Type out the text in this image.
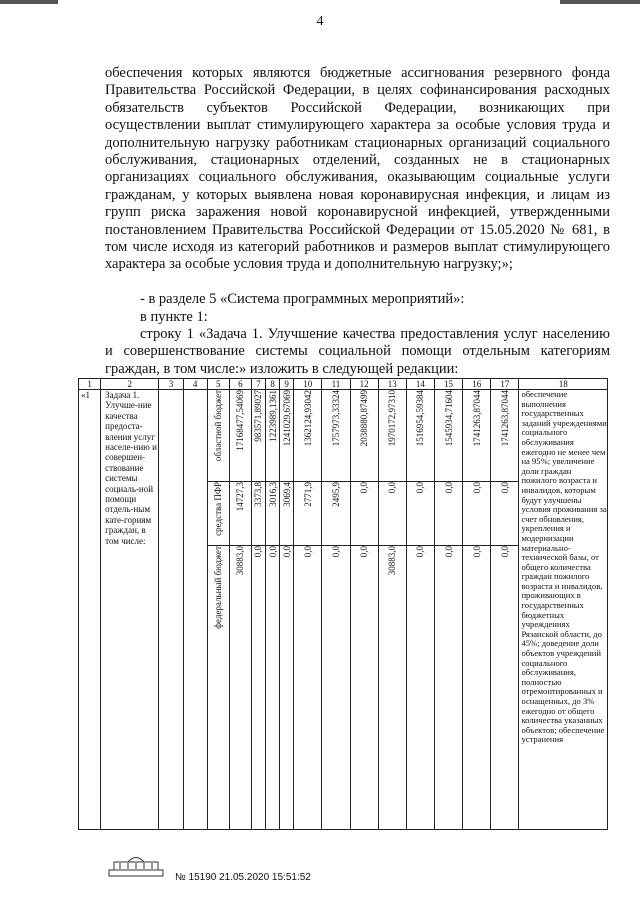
4
обеспечения которых являются бюджетные ассигнования резервного фонда Правительства Российской Федерации, в целях софинансирования расходных обязательств субъектов Российской Федерации, возникающих при осуществлении выплат стимулирующего характера за особые условия труда и дополнительную нагрузку работникам стационарных организаций социального обслуживания, стационарных отделений, созданных не в стационарных организациях социального обслуживания, оказывающим социальные услуги гражданам, у которых выявлена новая коронавирусная инфекция, и лицам из групп риска заражения новой коронавирусной инфекцией, утвержденными постановлением Правительства Российской Федерации от 15.05.2020 № 681, в том числе исходя из категорий работников и размеров выплат стимулирующего характера за особые условия труда и дополнительную нагрузку;»;
- в разделе 5 «Система программных мероприятий»:
в пункте 1:
строку 1 «Задача 1. Улучшение качества предоставления услуг населению и совершенствование системы социальной помощи отдельным категориям граждан, в том числе:» изложить в следующей редакции:
1	2	3	4	5	6	7	8	9	10	11	12	13	14	15	16	17	18
«1	Задача 1. Улучше-ние качества предоста-вления услуг населе-нию и совершен-ствование системы социаль-ной помощи отдель-ным кате-гориям граждан, в том числе:			областной бюджет	17168477,54069	983571,89027	1223989,1361	1241029,67069	1362124,93042	1757973,33324	2038880,87499	1970172,97310	1516954,59384	1545934,71604	1741263,87044	1741263,87044	обеспечение выполнения государственных заданий учреждениями социального обслуживания ежегодно не менее чем на 95%; увеличение доли граждан пожилого возраста и инвалидов, которым будут улучшены условия проживания за счет обновления, укрепления и модернизации материально-технической базы, от общего количества граждан пожилого возраста и инвалидов, проживающих в государственных бюджетных учреждениях Рязанской области, до 45%; доведение доли объектов учреждений социального обслуживания, полностью отремонтированных и оснащенных, до 3% ежегодно от общего количества указанных объектов; обеспечение устранения
				средства ПФР	14727,3	3373,8	3016,3	3069,4	2771,9	2495,9	0,0	0,0	0,0	0,0	0,0	0,0	
				федеральный бюджет	30883,0	0,0	0,0	0,0	0,0	0,0	0,0	30883,0	0,0	0,0	0,0	0,0	
№ 15190 21.05.2020 15:51:52
